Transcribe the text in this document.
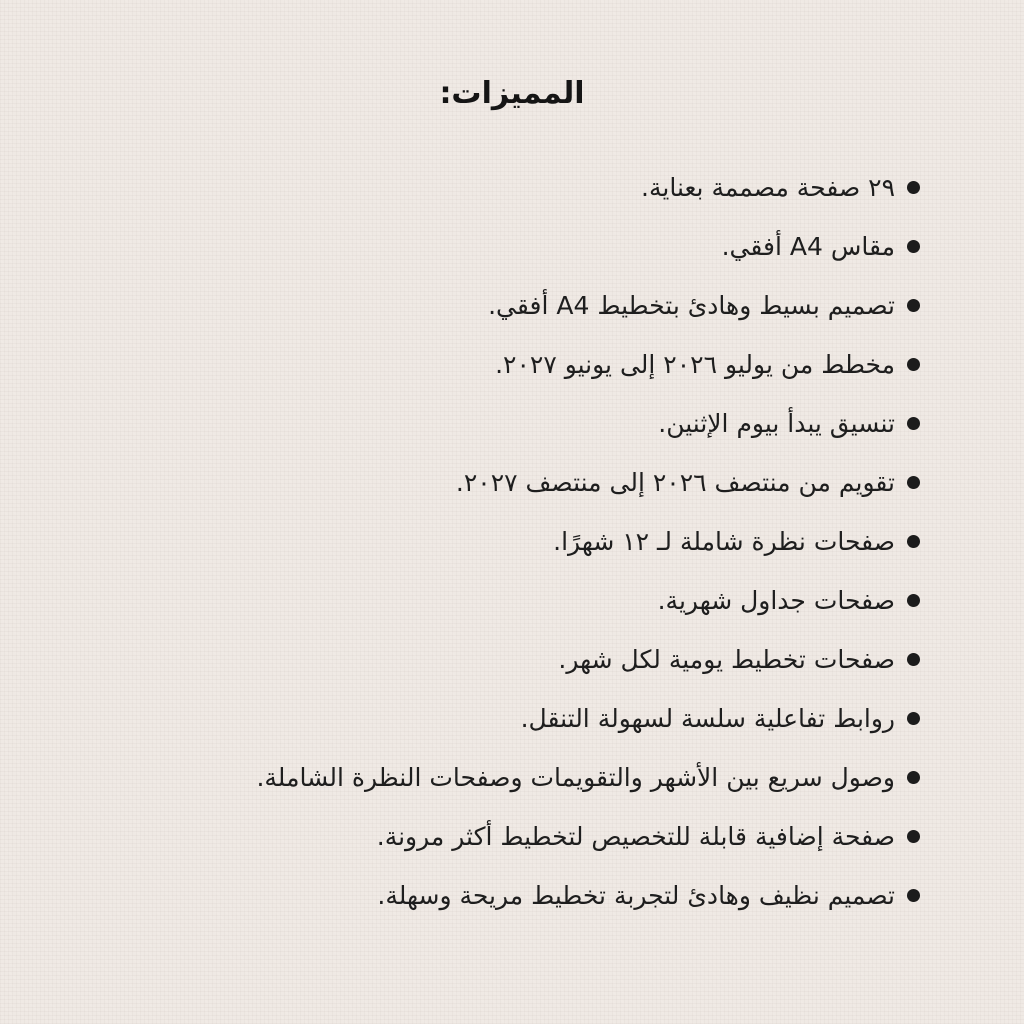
المميزات:
٢٩ صفحة مصممة بعناية.
مقاس A4 أفقي.
تصميم بسيط وهادئ بتخطيط A4 أفقي.
مخطط من يوليو ٢٠٢٦ إلى يونيو ٢٠٢٧.
تنسيق يبدأ بيوم الإثنين.
تقويم من منتصف ٢٠٢٦ إلى منتصف ٢٠٢٧.
صفحات نظرة شاملة لـ ١٢ شهرًا.
صفحات جداول شهرية.
صفحات تخطيط يومية لكل شهر.
روابط تفاعلية سلسة لسهولة التنقل.
وصول سريع بين الأشهر والتقويمات وصفحات النظرة الشاملة.
صفحة إضافية قابلة للتخصيص لتخطيط أكثر مرونة.
تصميم نظيف وهادئ لتجربة تخطيط مريحة وسهلة.
